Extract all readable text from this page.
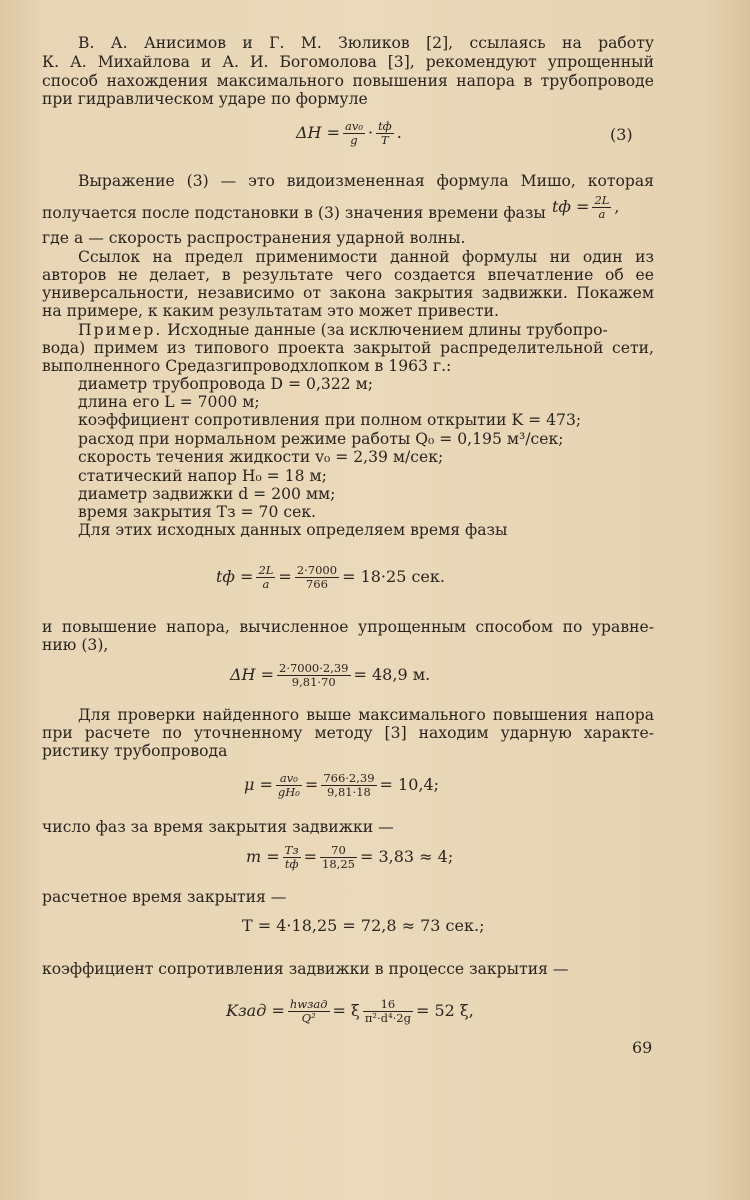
В. А. Анисимов и Г. М. Зюликов [2], ссылаясь на работу
К. А. Михайлова и А. И. Богомолова [3], рекомендуют упрощенный
способ нахождения максимального повышения напора в трубопроводе
при гидравлическом ударе по формуле
$\Delta H = \frac{\text{av₀}}{g} \cdot \frac{tф}{T}$ .	(3)
Выражение (3) — это видоизмененная формула Мишо, которая
получается после подстановки в (3) значения времени фазы tф = $\frac{2L}{a}$ ,
где a — скорость распространения ударной волны.
Ссылок на предел применимости данной формулы ни один из
авторов не делает, в результате чего создается впечатление об ее
универсальности, независимо от закона закрытия задвижки. Покажем
на примере, к каким результатам это может привести.
Пример. Исходные данные (за исключением длины трубопро-
вода) примем из типового проекта закрытой распределительной сети,
выполненного Средазгипроводхлопком в 1963 г.:
диаметр трубопровода D = 0,322 м;
длина его L = 7000 м;
коэффициент сопротивления при полном открытии K = 473;
расход при нормальном режиме работы Q₀ = 0,195 м³/сек;
скорость течения жидкости v₀ = 2,39 м/сек;
статический напор H₀ = 18 м;
диаметр задвижки d = 200 мм;
время закрытия Tз = 70 сек.
Для этих исходных данных определяем время фазы
tф = $\frac{2L}{a} = \frac{2\cdot 7000}{766} = 18\cdot 25$ сек.
и повышение напора, вычисленное упрощенным способом по уравне-
нию (3),
$\Delta H = \frac{2\cdot 7000\cdot 2,39}{9,81\cdot 70} = 48,9$ м.
Для проверки найденного выше максимального повышения напора
при расчете по уточненному методу [3] находим ударную характе-
ристику трубопровода
$\mu = \frac{\text{av₀}}{\text{gH₀}} = \frac{766\cdot 2,39}{9,81\cdot 18} = 10,4$;
число фаз за время закрытия задвижки —
$m = \frac{Tз}{tф} = \frac{70}{18,25} = 3,83 \approx 4$;
расчетное время закрытия —
T = 4·18,25 = 72,8 ≈ 73 сек.;
коэффициент сопротивления задвижки в процессе закрытия —
Kзад = $\frac{\text{hwзад}}{\text{Q²}} = \xi \frac{16}{\text{π²·d⁴·2g}} = 52$ ξ,
69
